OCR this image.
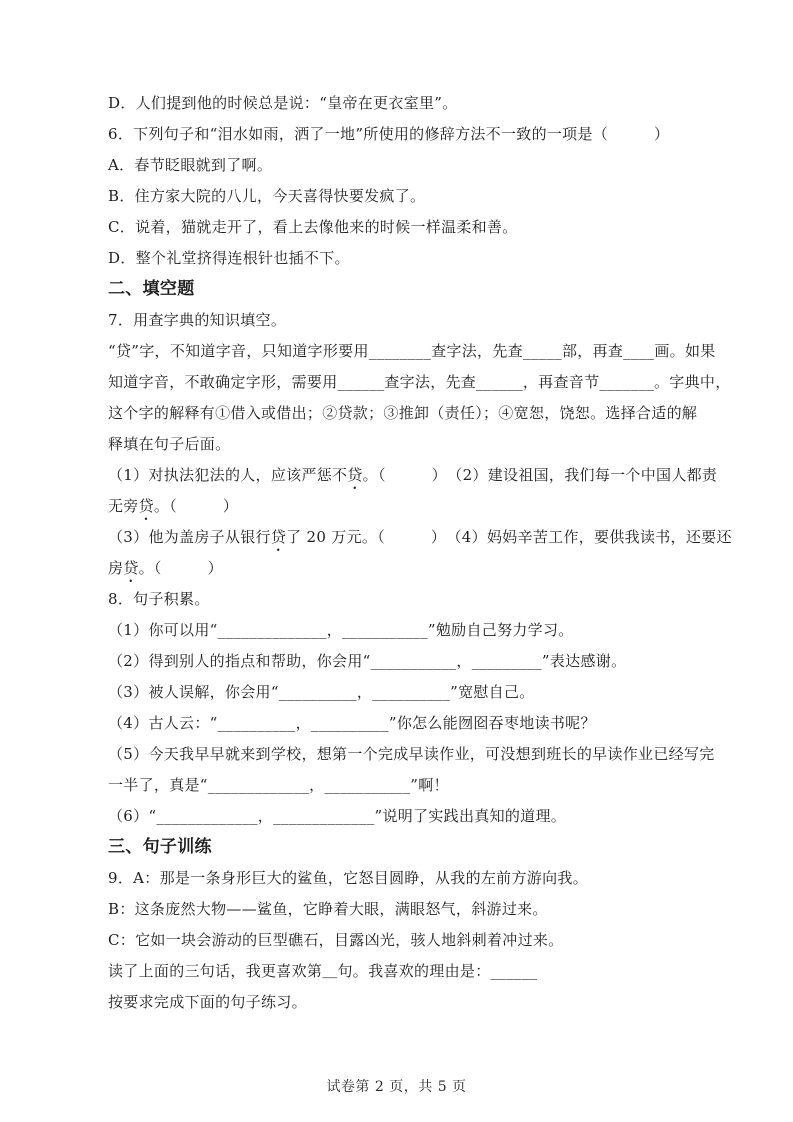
D．人们提到他的时候总是说：“皇帝在更衣室里”。
6．下列句子和“泪水如雨，洒了一地”所使用的修辞方法不一致的一项是（　　　）
A．春节眨眼就到了啊。
B．住方家大院的八儿，今天喜得快要发疯了。
C．说着，猫就走开了，看上去像他来的时候一样温柔和善。
D．整个礼堂挤得连根针也插不下。
二、填空题
7．用查字典的知识填空。
“贷”字，不知道字音，只知道字形要用________查字法，先查_____部，再查____画。如果
知道字音，不敢确定字形，需要用______查字法，先查______，再查音节_______。字典中，
这个字的解释有①借入或借出；②贷款；③推卸（责任）；④宽恕，饶恕。选择合适的解
释填在句子后面。
（1）对执法犯法的人，应该严惩不贷。（　　　）　（2）建设祖国，我们每一个中国人都责
无旁贷。（　　　）
（3）他为盖房子从银行贷了 20 万元。（　　　）　（4）妈妈辛苦工作，要供我读书，还要还
房贷。（　　　）
8．句子积累。
（1）你可以用“______________，___________”勉励自己努力学习。
（2）得到别人的指点和帮助，你会用“___________，_________”表达感谢。
（3）被人误解，你会用“__________，__________”宽慰自己。
（4）古人云：“__________，__________”你怎么能囫囵吞枣地读书呢？
（5）今天我早早就来到学校，想第一个完成早读作业，可没想到班长的早读作业已经写完
一半了，真是“_____________，___________”啊！
（6）“_____________，_____________”说明了实践出真知的道理。
三、句子训练
9．A：那是一条身形巨大的鲨鱼，它怒目圆睁，从我的左前方游向我。
B：这条庞然大物——鲨鱼，它睁着大眼，满眼怒气，斜游过来。
C：它如一块会游动的巨型礁石，目露凶光，骇人地斜刺着冲过来。
读了上面的三句话，我更喜欢第＿句。我喜欢的理由是：______
按要求完成下面的句子练习。
试卷第 2 页，共 5 页
